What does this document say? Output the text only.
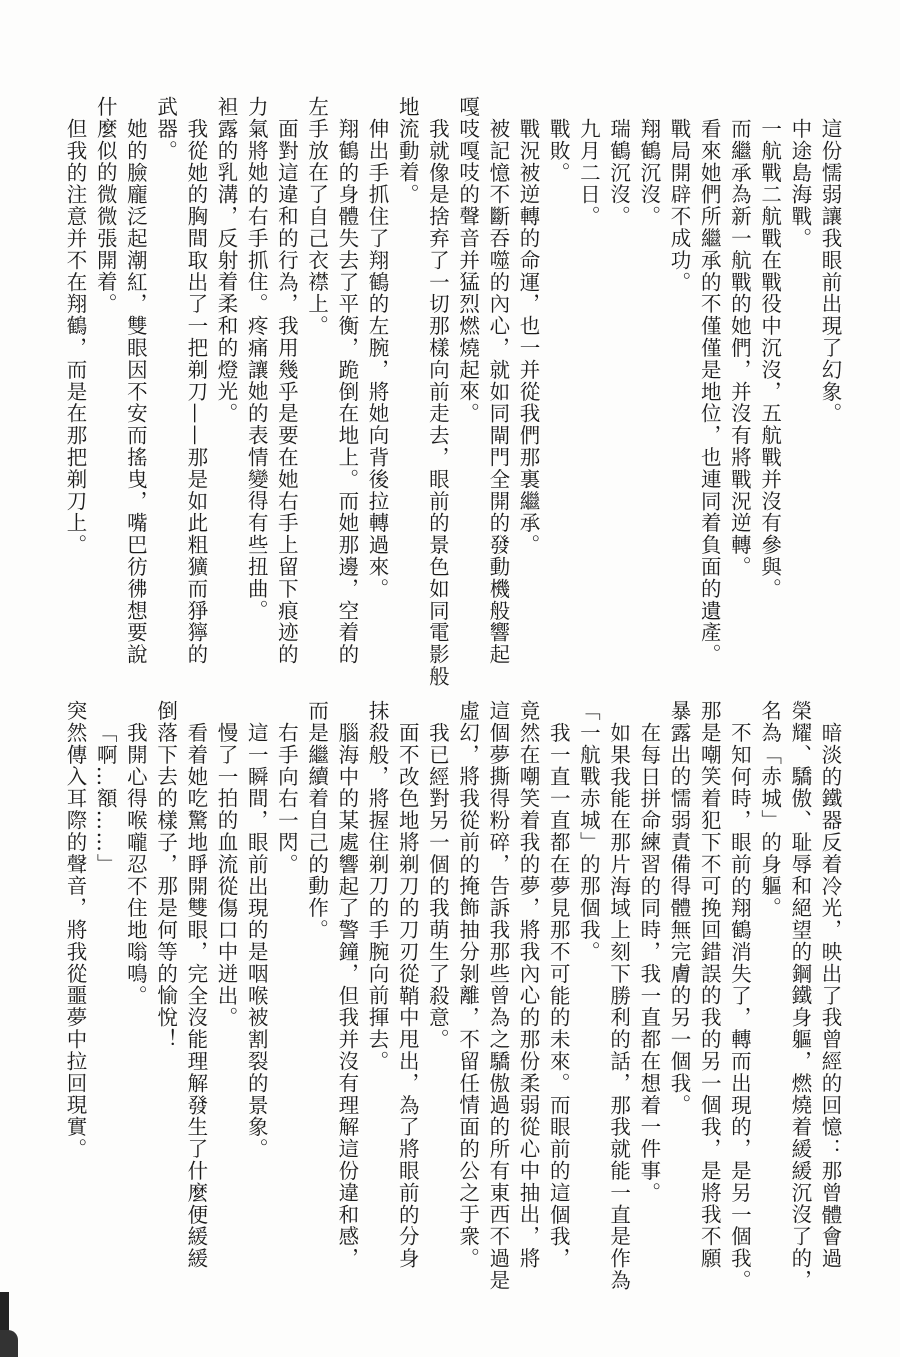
這份懦弱讓我眼前出現了幻象。
中途島海戰。
一航戰二航戰在戰役中沉沒，五航戰并沒有參與。
而繼承為新一航戰的她們，并沒有將戰況逆轉。
看來她們所繼承的不僅僅是地位，也連同着負面的遺產。
戰局開辟不成功。
翔鶴沉沒。
瑞鶴沉沒。
九月二日。
戰敗。
戰況被逆轉的命運，也一并從我們那裏繼承。
被記憶不斷吞噬的內心，就如同閘門全開的發動機般響起
嘎吱嘎吱的聲音并猛烈燃燒起來。
我就像是捨弃了一切那樣向前走去，眼前的景色如同電影般
地流動着。
伸出手抓住了翔鶴的左腕，將她向背後拉轉過來。
翔鶴的身體失去了平衡，跪倒在地上。而她那邊，空着的
左手放在了自己衣襟上。
面對這違和的行為，我用幾乎是要在她右手上留下痕迹的
力氣將她的右手抓住。疼痛讓她的表情變得有些扭曲。
袒露的乳溝，反射着柔和的燈光。
我從她的胸間取出了一把剃刀——那是如此粗獷而猙獰的
武器。
她的臉龐泛起潮紅，雙眼因不安而搖曳，嘴巴彷彿想要說
什麼似的微微張開着。
但我的注意并不在翔鶴，而是在那把剃刀上。
暗淡的鐵器反着冷光，映出了我曾經的回憶：那曾體會過
榮耀、驕傲、耻辱和絕望的鋼鐵身軀，燃燒着緩緩沉沒了的，
名為「赤城」的身軀。
不知何時，眼前的翔鶴消失了，轉而出現的，是另一個我。
那是嘲笑着犯下不可挽回錯誤的我的另一個我，是將我不願
暴露出的懦弱責備得體無完膚的另一個我。
在每日拼命練習的同時，我一直都在想着一件事。
如果我能在那片海域上刻下勝利的話，那我就能一直是作為
「一航戰赤城」的那個我。
我一直一直都在夢見那不可能的未來。而眼前的這個我，
竟然在嘲笑着我的夢，將我內心的那份柔弱從心中抽出，將
這個夢撕得粉碎，告訴我那些曾為之驕傲過的所有東西不過是
虛幻，將我從前的掩飾抽分剝離，不留任情面的公之于衆。
我已經對另一個的我萌生了殺意。
面不改色地將剃刀的刀刃從鞘中甩出，為了將眼前的分身
抹殺般，將握住剃刀的手腕向前揮去。
腦海中的某處響起了警鐘，但我并沒有理解這份違和感，
而是繼續着自己的動作。
右手向右一閃。
這一瞬間，眼前出現的是咽喉被割裂的景象。
慢了一拍的血流從傷口中迸出。
看着她吃驚地睜開雙眼，完全沒能理解發生了什麼便緩緩
倒落下去的樣子，那是何等的愉悅！
我開心得喉嚨忍不住地嗡鳴。
「啊…額……」
突然傳入耳際的聲音，將我從噩夢中拉回現實。
